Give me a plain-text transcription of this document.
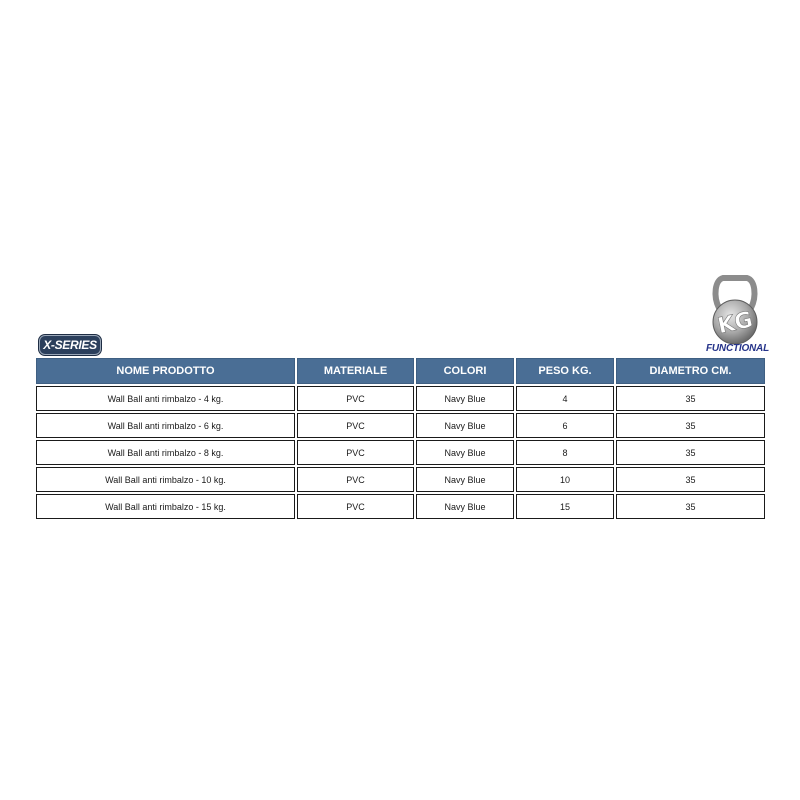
X-SERIES
KG
FUNCTIONAL
NOME PRODOTTO	MATERIALE	COLORI	PESO KG.	DIAMETRO CM.
Wall Ball anti rimbalzo - 4 kg.	PVC	Navy Blue	4	35
Wall Ball anti rimbalzo - 6 kg.	PVC	Navy Blue	6	35
Wall Ball anti rimbalzo - 8 kg.	PVC	Navy Blue	8	35
Wall Ball anti rimbalzo - 10 kg.	PVC	Navy Blue	10	35
Wall Ball anti rimbalzo - 15 kg.	PVC	Navy Blue	15	35
